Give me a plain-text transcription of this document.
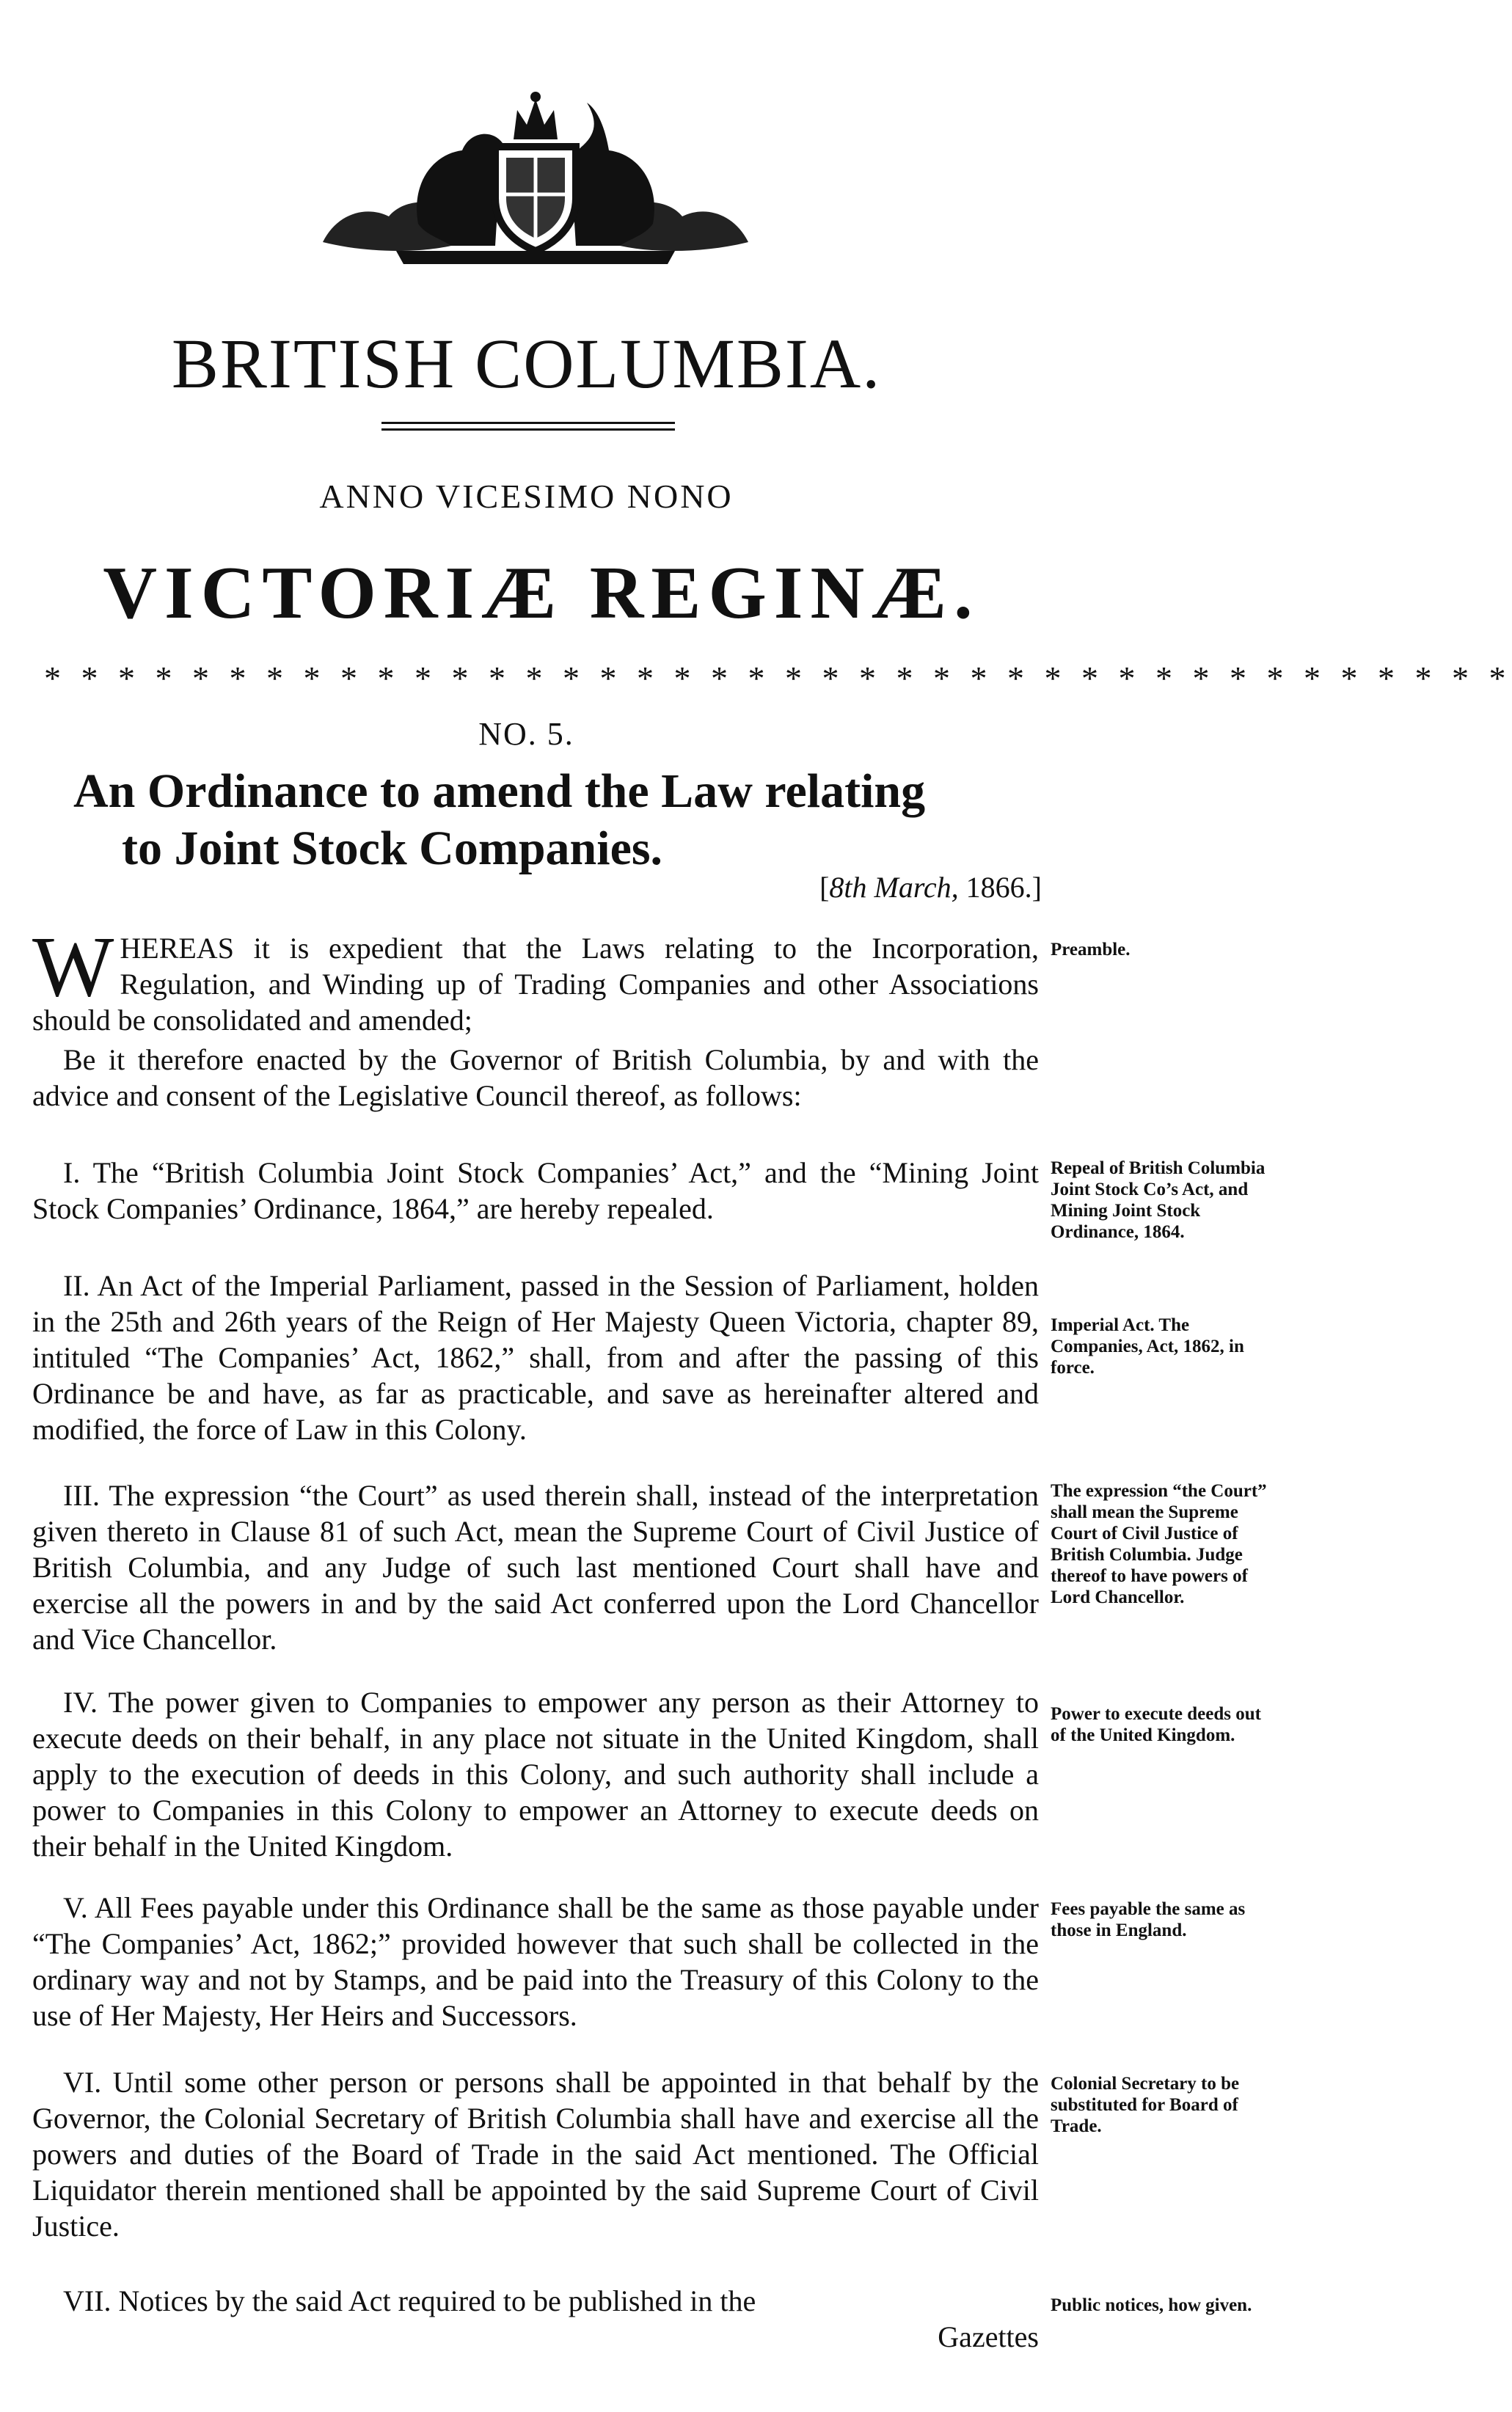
BRITISH COLUMBIA.
ANNO VICESIMO NONO
VICTORIÆ REGINÆ.
* * * * * * * * * * * * * * * * * * * * * * * * * * * * * * * * * * * * * * * *
NO. 5.
An Ordinance to amend the Law relating
to Joint Stock Companies.
[8th March, 1866.]
WHEREAS it is expedient that the Laws relating to the Incorporation, Regulation, and Winding up of Trading Companies and other Associations should be consolidated and amended;
Preamble.
Be it therefore enacted by the Governor of British Columbia, by and with the advice and consent of the Legislative Council thereof, as follows:
I. The “British Columbia Joint Stock Companies’ Act,” and the “Mining Joint Stock Companies’ Ordinance, 1864,” are hereby repealed.
Repeal of British Columbia Joint Stock Co’s Act, and Mining Joint Stock Ordinance, 1864.
II. An Act of the Imperial Parliament, passed in the Session of Parliament, holden in the 25th and 26th years of the Reign of Her Majesty Queen Victoria, chapter 89, intituled “The Companies’ Act, 1862,” shall, from and after the passing of this Ordinance be and have, as far as practicable, and save as hereinafter altered and modified, the force of Law in this Colony.
Imperial Act. The Companies, Act, 1862, in force.
III. The expression “the Court” as used therein shall, instead of the interpretation given thereto in Clause 81 of such Act, mean the Supreme Court of Civil Justice of British Columbia, and any Judge of such last mentioned Court shall have and exercise all the powers in and by the said Act conferred upon the Lord Chancellor and Vice Chancellor.
The expression “the Court” shall mean the Supreme Court of Civil Justice of British Columbia. Judge thereof to have powers of Lord Chancellor.
IV. The power given to Companies to empower any person as their Attorney to execute deeds on their behalf, in any place not situate in the United Kingdom, shall apply to the execution of deeds in this Colony, and such authority shall include a power to Companies in this Colony to empower an Attorney to execute deeds on their behalf in the United Kingdom.
Power to execute deeds out of the United Kingdom.
V. All Fees payable under this Ordinance shall be the same as those payable under “The Companies’ Act, 1862;” provided however that such shall be collected in the ordinary way and not by Stamps, and be paid into the Treasury of this Colony to the use of Her Majesty, Her Heirs and Successors.
Fees payable the same as those in England.
VI. Until some other person or persons shall be appointed in that behalf by the Governor, the Colonial Secretary of British Columbia shall have and exercise all the powers and duties of the Board of Trade in the said Act mentioned. The Official Liquidator therein mentioned shall be appointed by the said Supreme Court of Civil Justice.
Colonial Secretary to be substituted for Board of Trade.
VII. Notices by the said Act required to be published in the
Gazettes
Public notices, how given.
